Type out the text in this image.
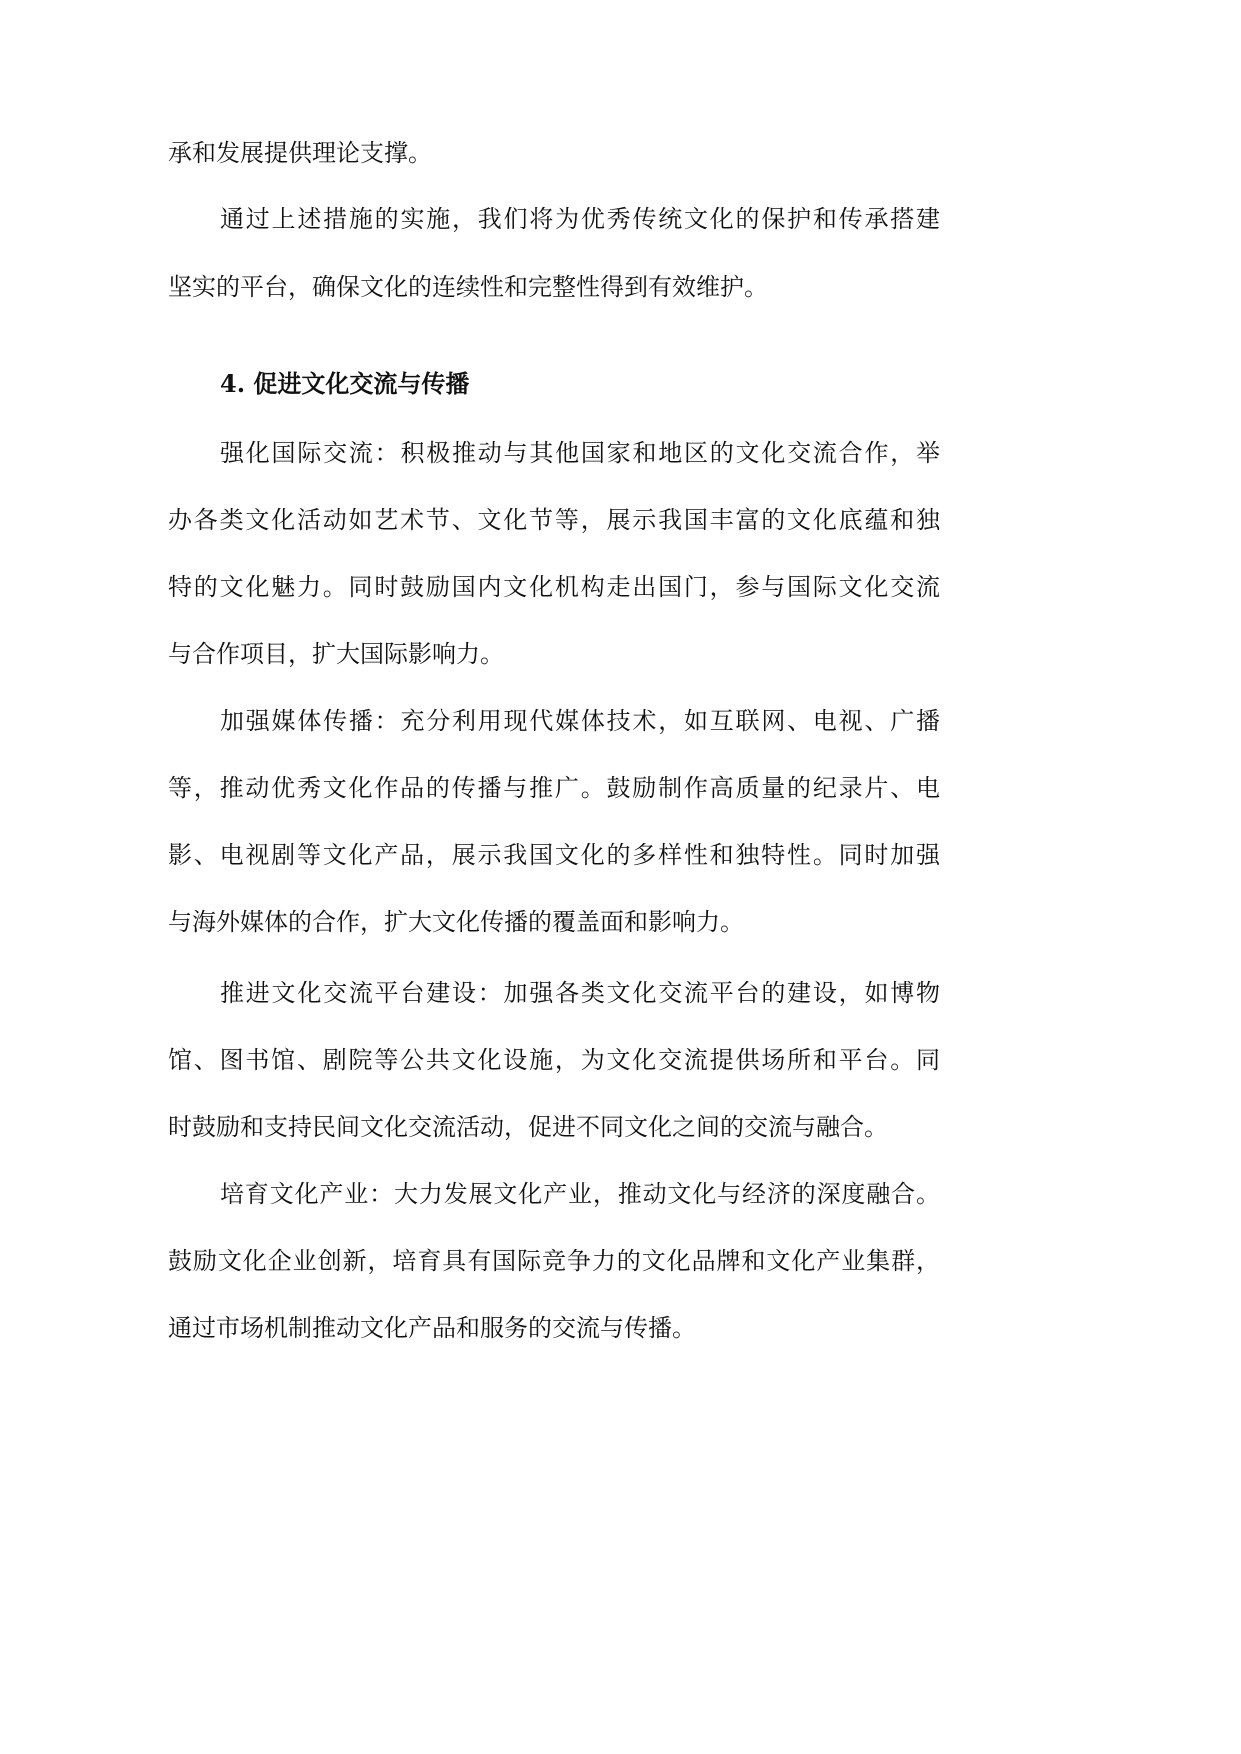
承和发展提供理论支撑。
通过上述措施的实施，我们将为优秀传统文化的保护和传承搭建
坚实的平台，确保文化的连续性和完整性得到有效维护。
4. 促进文化交流与传播
强化国际交流：积极推动与其他国家和地区的文化交流合作，举
办各类文化活动如艺术节、文化节等，展示我国丰富的文化底蕴和独
特的文化魅力。同时鼓励国内文化机构走出国门，参与国际文化交流
与合作项目，扩大国际影响力。
加强媒体传播：充分利用现代媒体技术，如互联网、电视、广播
等，推动优秀文化作品的传播与推广。鼓励制作高质量的纪录片、电
影、电视剧等文化产品，展示我国文化的多样性和独特性。同时加强
与海外媒体的合作，扩大文化传播的覆盖面和影响力。
推进文化交流平台建设：加强各类文化交流平台的建设，如博物
馆、图书馆、剧院等公共文化设施，为文化交流提供场所和平台。同
时鼓励和支持民间文化交流活动，促进不同文化之间的交流与融合。
培育文化产业：大力发展文化产业，推动文化与经济的深度融合。
鼓励文化企业创新，培育具有国际竞争力的文化品牌和文化产业集群，
通过市场机制推动文化产品和服务的交流与传播。
